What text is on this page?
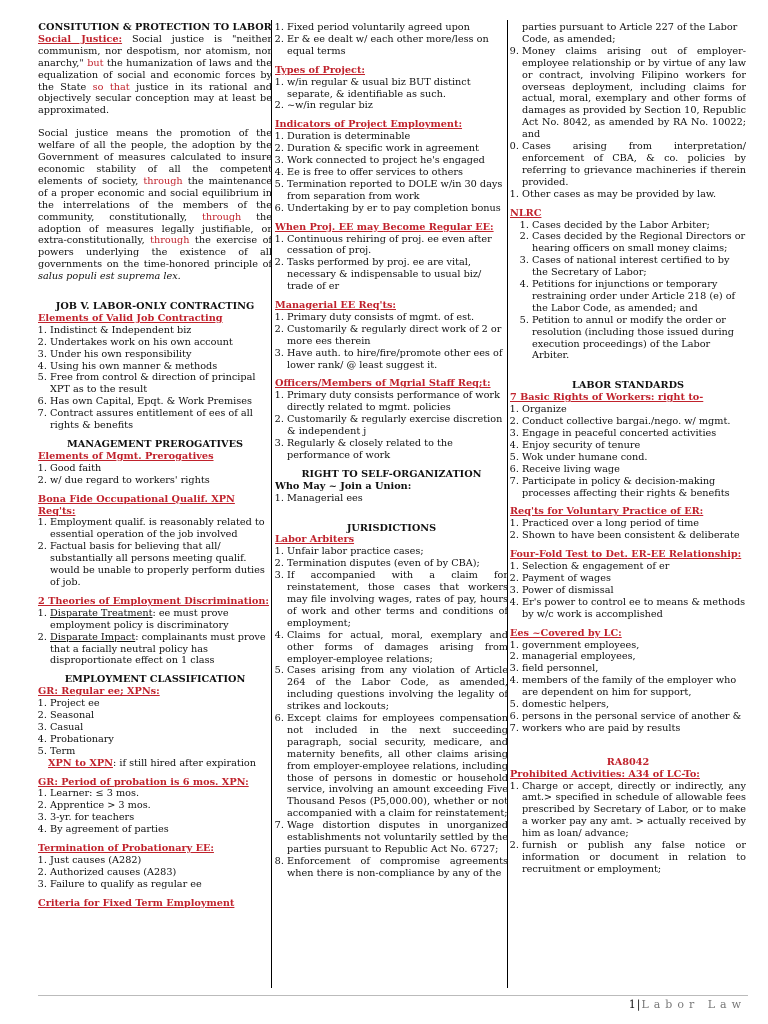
CONSITUTION & PROTECTION TO LABOR

Social Justice: Social justice is "neither communism, nor despotism, nor atomism, nor anarchy," but the humanization of laws and the equalization of social and economic forces by the State so that justice in its rational and objectively secular conception may at least be approximated.

Social justice means the promotion of the welfare of all the people, the adoption by the Government of measures calculated to insure economic stability of all the competent elements of society, through the maintenance of a proper economic and social equilibrium in the interrelations of the members of the community, constitutionally, through the adoption of measures legally justifiable, or extra-constitutionally, through the exercise of powers underlying the existence of all governments on the time-honored principle of salus populi est suprema lex.

JOB V. LABOR-ONLY CONTRACTING

Elements of Valid Job Contracting
1. Indistinct & Independent biz
2. Undertakes work on his own account
3. Under his own responsibility
4. Using his own manner & methods
5. Free from control & direction of principal XPT as to the result
6. Has own Capital, Epqt. & Work Premises
7. Contract assures entitlement of ees of all rights & benefits

MANAGEMENT PREROGATIVES

Elements of Mgmt. Prerogatives
1. Good faith
2. w/ due regard to workers' rights
Bona Fide Occupational Qualif. XPN Req'ts:
1. Employment qualif. is reasonably related to essential operation of the job involved
2. Factual basis for believing that all/ substantially all persons meeting qualif. would be unable to properly perform duties of job.
2 Theories of Employment Discrimination:
1. Disparate Treatment: ee must prove employment policy is discriminatory
2. Disparate Impact: complainants must prove that a facially neutral policy has disproportionate effect on 1 class

EMPLOYMENT CLASSIFICATION

GR: Regular ee; XPNs:
1. Project ee
2. Seasonal
3. Casual
4. Probationary
5. Term
XPN to XPN: if still hired after expiration
GR: Period of probation is 6 mos. XPN:
1. Learner: ≤ 3 mos.
2. Apprentice > 3 mos.
3. 3-yr. for teachers
4. By agreement of parties
Termination of Probationary EE:
1. Just causes (A282)
2. Authorized causes (A283)
3. Failure to qualify as regular ee
Criteria for Fixed Term Employment
1. Fixed period voluntarily agreed upon
2. Er & ee dealt w/ each other more/less on equal terms
Types of Project:
1. w/in regular & usual biz BUT distinct separate, & identifiable as such.
2. ~w/in regular biz
Indicators of Project Employment:
1. Duration is determinable
2. Duration & specific work in agreement
3. Work connected to project he's engaged
4. Ee is free to offer services to others
5. Termination reported to DOLE w/in 30 days from separation from work
6. Undertaking by er to pay completion bonus
When Proj. EE may Become Regular EE:
1. Continuous rehiring of proj. ee even after cessation of proj.
2. Tasks performed by proj. ee are vital, necessary & indispensable to usual biz/ trade of er
Managerial EE Req'ts:
1. Primary duty consists of mgmt. of est.
2. Customarily & regularly direct work of 2 or more ees therein
3. Have auth. to hire/fire/promote other ees of lower rank/ @ least suggest it.
Officers/Members of Mgrial Staff Req;t:
1. Primary duty consists performance of work directly related to mgmt. policies
2. Customarily & regularly exercise discretion & independent j
3. Regularly & closely related to the performance of work

RIGHT TO SELF-ORGANIZATION

Who May ~ Join a Union:
1. Managerial ees

JURISDICTIONS

Labor Arbiters
1. Unfair labor practice cases;
2. Termination disputes (even of by CBA);
3. If accompanied with a claim for reinstatement, those cases that workers may file involving wages, rates of pay, hours of work and other terms and conditions of employment;
4. Claims for actual, moral, exemplary and other forms of damages arising from employer-employee relations;
5. Cases arising from any violation of Article 264 of the Labor Code, as amended, including questions involving the legality of strikes and lockouts;
6. Except claims for employees compensation not included in the next succeeding paragraph, social security, medicare, and maternity benefits, all other claims arising from employer-employee relations, including those of persons in domestic or household service, involving an amount exceeding Five Thousand Pesos (P5,000.00), whether or not accompanied with a claim for reinstatement;
7. Wage distortion disputes in unorganized establishments not voluntarily settled by the parties pursuant to Republic Act No. 6727;
8. Enforcement of compromise agreements when there is non-compliance by any of the

parties pursuant to Article 227 of the Labor Code, as amended;

9. Money claims arising out of employer-employee relationship or by virtue of any law or contract, involving Filipino workers for overseas deployment, including claims for actual, moral, exemplary and other forms of damages as provided by Section 10, Republic Act No. 8042, as amended by RA No. 10022; and
10. Cases arising from interpretation/ enforcement of CBA, & co. policies by referring to grievance machineries if therein provided.
11. Other cases as may be provided by law.
NLRC
1. Cases decided by the Labor Arbiter;
2. Cases decided by the Regional Directors or hearing officers on small money claims;
3. Cases of national interest certified to by the Secretary of Labor;
4. Petitions for injunctions or temporary restraining order under Article 218 (e) of the Labor Code, as amended; and
5. Petition to annul or modify the order or resolution (including those issued during execution proceedings) of the Labor Arbiter.

LABOR STANDARDS

7 Basic Rights of Workers: right to-
1. Organize
2. Conduct collective bargai./nego. w/ mgmt.
3. Engage in peaceful concerted activities
4. Enjoy security of tenure
5. Wok under humane cond.
6. Receive living wage
7. Participate in policy & decision-making processes affecting their rights & benefits
Req'ts for Voluntary Practice of ER:
1. Practiced over a long period of time
2. Shown to have been consistent & deliberate
Four-Fold Test to Det. ER-EE Relationship:
1. Selection & engagement of er
2. Payment of wages
3. Power of dismissal
4. Er's power to control ee to means & methods by w/c work is accomplished
Ees ~Covered by LC:
1. government employees,
2. managerial employees,
3. field personnel,
4. members of the family of the employer who are dependent on him for support,
5. domestic helpers,
6. persons in the personal service of another &
7. workers who are paid by results

RA8042

Prohibited Activities: A34 of LC-To:
1. Charge or accept, directly or indirectly, any amt.> specified in schedule of allowable fees prescribed by Secretary of Labor, or to make a worker pay any amt. > actually received by him as loan/ advance;
2. furnish or publish any false notice or information or document in relation to recruitment or employment;
1|Labor Law
